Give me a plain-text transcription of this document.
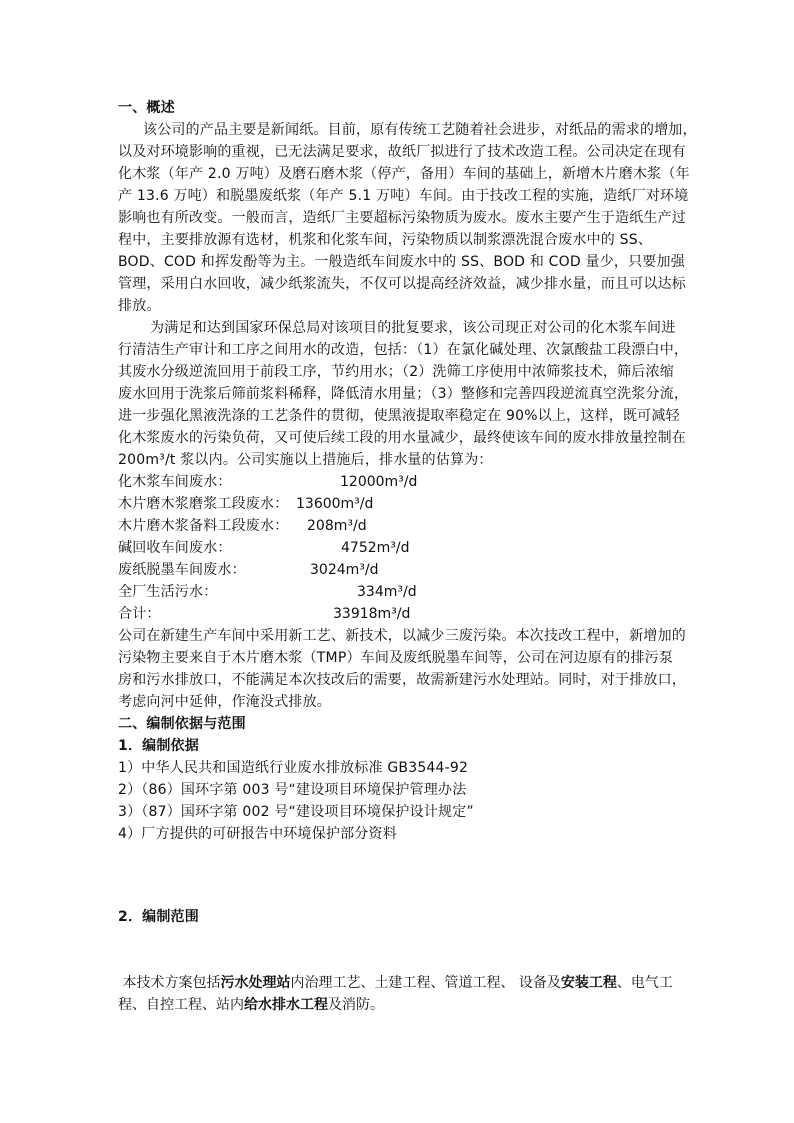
一、概述
该公司的产品主要是新闻纸。目前，原有传统工艺随着社会进步，对纸品的需求的增加，
以及对环境影响的重视，已无法满足要求，故纸厂拟进行了技术改造工程。公司决定在现有
化木浆（年产 2.0 万吨）及磨石磨木浆（停产，备用）车间的基础上，新增木片磨木浆（年
产 13.6 万吨）和脱墨废纸浆（年产 5.1 万吨）车间。由于技改工程的实施，造纸厂对环境
影响也有所改变。一般而言，造纸厂主要超标污染物质为废水。废水主要产生于造纸生产过
程中，主要排放源有选材，机浆和化浆车间，污染物质以制浆漂洗混合废水中的 SS、
BOD、COD 和挥发酚等为主。一般造纸车间废水中的 SS、BOD 和 COD 量少，只要加强
管理，采用白水回收，减少纸浆流失，不仅可以提高经济效益，减少排水量，而且可以达标
排放。
为满足和达到国家环保总局对该项目的批复要求，该公司现正对公司的化木浆车间进
行清洁生产审计和工序之间用水的改造，包括：（1）在氯化碱处理、次氯酸盐工段漂白中，
其废水分级逆流回用于前段工序，节约用水；（2）洗筛工序使用中浓筛浆技术，筛后浓缩
废水回用于洗浆后筛前浆料稀释，降低清水用量；（3）整修和完善四段逆流真空洗浆分流，
进一步强化黑液洗涤的工艺条件的贯彻，使黑液提取率稳定在 90%以上，这样，既可减轻
化木浆废水的污染负荷，又可使后续工段的用水量减少，最终使该车间的废水排放量控制在
200m³/t 浆以内。公司实施以上措施后，排水量的估算为：
化木浆车间废水：	12000m³/d
木片磨木浆磨浆工段废水： 13600m³/d
木片磨木浆备料工段废水： 208m³/d
碱回收车间废水：	4752m³/d
废纸脱墨车间废水：	3024m³/d
全厂生活污水：	334m³/d
合计：	33918m³/d
公司在新建生产车间中采用新工艺、新技术，以减少三废污染。本次技改工程中，新增加的
污染物主要来自于木片磨木浆（TMP）车间及废纸脱墨车间等，公司在河边原有的排污泵
房和污水排放口，不能满足本次技改后的需要，故需新建污水处理站。同时，对于排放口，
考虑向河中延伸，作淹没式排放。
二、编制依据与范围
1．编制依据
1）中华人民共和国造纸行业废水排放标准 GB3544-92
2）（86）国环字第 003 号“建设项目环境保护管理办法
3）（87）国环字第 002 号“建设项目环境保护设计规定”
4）厂方提供的可研报告中环境保护部分资料
2．编制范围
本技术方案包括污水处理站内治理工艺、土建工程、管道工程、 设备及安装工程、电气工程、自控工程、站内给水排水工程及消防。
